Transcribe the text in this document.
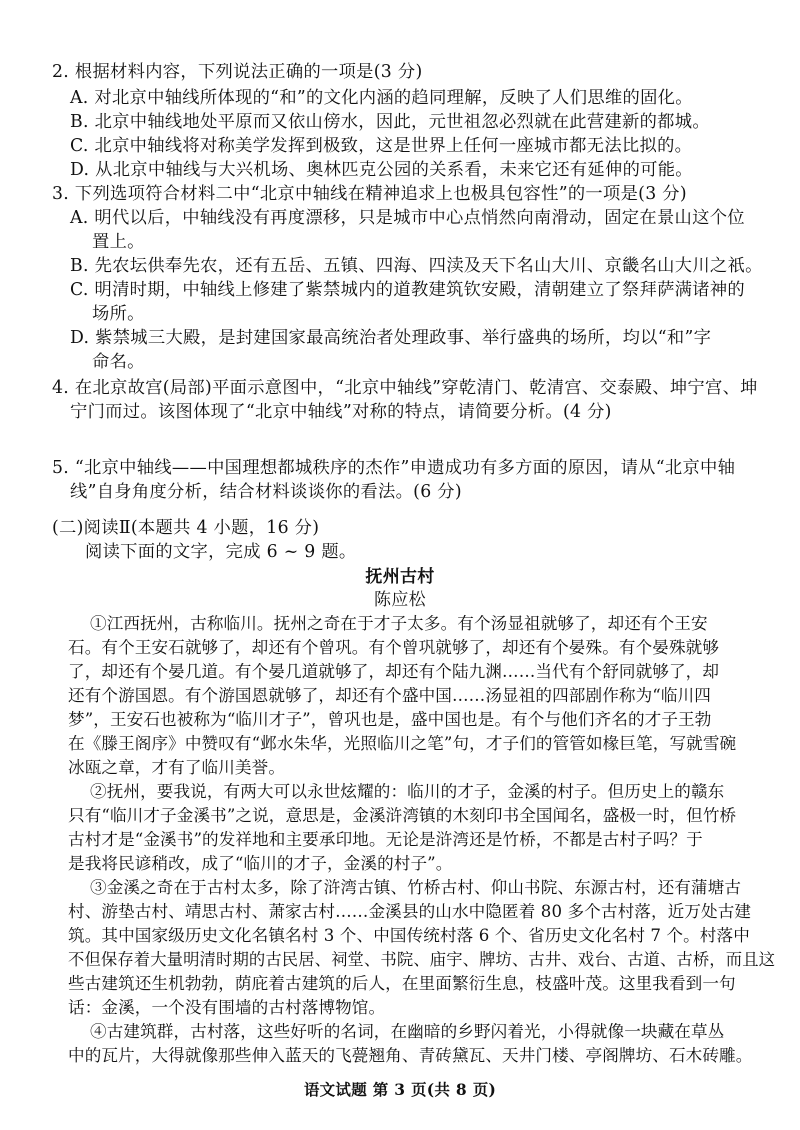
2. 根据材料内容，下列说法正确的一项是(3 分)
A. 对北京中轴线所体现的“和”的文化内涵的趋同理解，反映了人们思维的固化。
B. 北京中轴线地处平原而又依山傍水，因此，元世祖忽必烈就在此营建新的都城。
C. 北京中轴线将对称美学发挥到极致，这是世界上任何一座城市都无法比拟的。
D. 从北京中轴线与大兴机场、奥林匹克公园的关系看，未来它还有延伸的可能。
3. 下列选项符合材料二中“北京中轴线在精神追求上也极具包容性”的一项是(3 分)
A. 明代以后，中轴线没有再度漂移，只是城市中心点悄然向南滑动，固定在景山这个位
置上。
B. 先农坛供奉先农，还有五岳、五镇、四海、四渎及天下名山大川、京畿名山大川之祇。
C. 明清时期，中轴线上修建了紫禁城内的道教建筑钦安殿，清朝建立了祭拜萨满诸神的
场所。
D. 紫禁城三大殿，是封建国家最高统治者处理政事、举行盛典的场所，均以“和”字
命名。
4. 在北京故宫(局部)平面示意图中，“北京中轴线”穿乾清门、乾清宫、交泰殿、坤宁宫、坤
宁门而过。该图体现了“北京中轴线”对称的特点，请简要分析。(4 分)
5. “北京中轴线——中国理想都城秩序的杰作”申遗成功有多方面的原因，请从“北京中轴
线”自身角度分析，结合材料谈谈你的看法。(6 分)
(二)阅读Ⅱ(本题共 4 小题，16 分)
阅读下面的文字，完成 6 ~ 9 题。
抚州古村
陈应松
①江西抚州，古称临川。抚州之奇在于才子太多。有个汤显祖就够了，却还有个王安
石。有个王安石就够了，却还有个曾巩。有个曾巩就够了，却还有个晏殊。有个晏殊就够
了，却还有个晏几道。有个晏几道就够了，却还有个陆九渊……当代有个舒同就够了，却
还有个游国恩。有个游国恩就够了，却还有个盛中国……汤显祖的四部剧作称为“临川四
梦”，王安石也被称为“临川才子”，曾巩也是，盛中国也是。有个与他们齐名的才子王勃
在《滕王阁序》中赞叹有“邺水朱华，光照临川之笔”句，才子们的管管如椽巨笔，写就雪碗
冰瓯之章，才有了临川美誉。
②抚州，要我说，有两大可以永世炫耀的：临川的才子，金溪的村子。但历史上的赣东
只有“临川才子金溪书”之说，意思是，金溪浒湾镇的木刻印书全国闻名，盛极一时，但竹桥
古村才是“金溪书”的发祥地和主要承印地。无论是浒湾还是竹桥，不都是古村子吗？于
是我将民谚稍改，成了“临川的才子，金溪的村子”。
③金溪之奇在于古村太多，除了浒湾古镇、竹桥古村、仰山书院、东源古村，还有蒲塘古
村、游垫古村、靖思古村、萧家古村……金溪县的山水中隐匿着 80 多个古村落，近万处古建
筑。其中国家级历史文化名镇名村 3 个、中国传统村落 6 个、省历史文化名村 7 个。村落中
不但保存着大量明清时期的古民居、祠堂、书院、庙宇、牌坊、古井、戏台、古道、古桥，而且这
些古建筑还生机勃勃，荫庇着古建筑的后人，在里面繁衍生息，枝盛叶茂。这里我看到一句
话：金溪，一个没有围墙的古村落博物馆。
④古建筑群，古村落，这些好听的名词，在幽暗的乡野闪着光，小得就像一块藏在草丛
中的瓦片，大得就像那些伸入蓝天的飞甍翘角、青砖黛瓦、天井门楼、亭阁牌坊、石木砖雕。
语文试题 第 3 页(共 8 页)
